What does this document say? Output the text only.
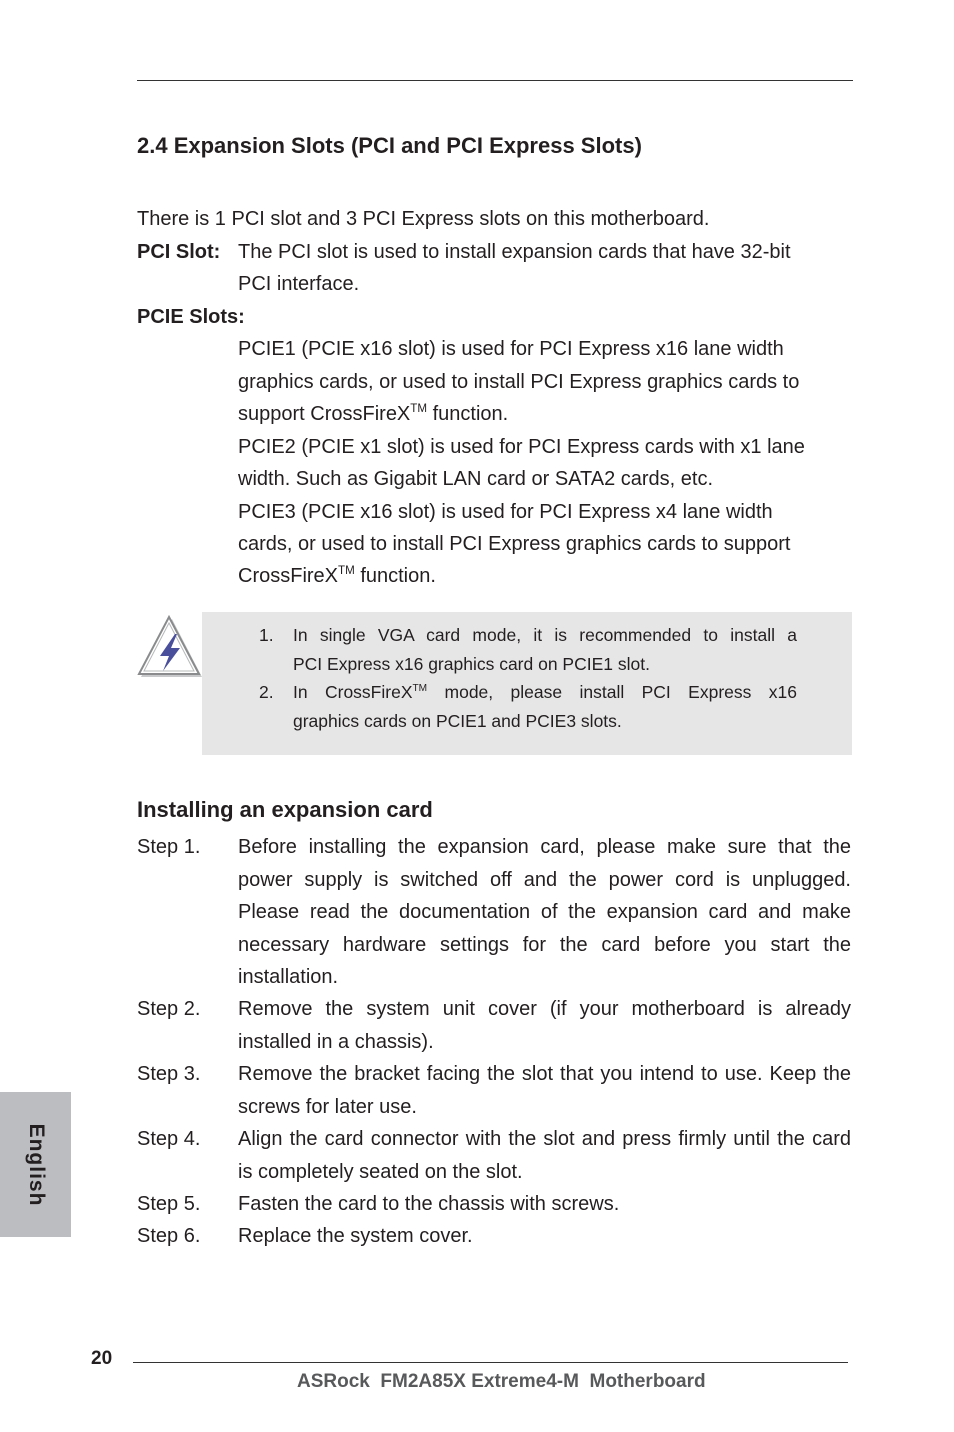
2.4 Expansion Slots (PCI and PCI Express Slots)
There is 1 PCI slot and 3 PCI Express slots on this motherboard.
PCI Slot: The PCI slot is used to install expansion cards that have 32-bit
PCI interface.
PCIE Slots:
PCIE1 (PCIE x16 slot) is used for PCI Express x16 lane width
graphics cards, or used to install PCI Express graphics cards to
support CrossFireX™ function.
PCIE2 (PCIE x1 slot) is used for PCI Express cards with x1 lane
width. Such as Gigabit LAN card or SATA2 cards, etc.
PCIE3 (PCIE x16 slot) is used for PCI Express x4 lane width
cards, or used to install PCI Express graphics cards to support
CrossFireX™ function.
1. In single VGA card mode, it is recommended to install a
PCI Express x16 graphics card on PCIE1 slot.
2. In CrossFireX™ mode, please install PCI Express x16
graphics cards on PCIE1 and PCIE3 slots.
Installing an expansion card
Step 1. Before installing the expansion card, please make sure that the power supply is switched off and the power cord is unplugged. Please read the documentation of the expansion card and make necessary hardware settings for the card before you start the installation.
Step 2. Remove the system unit cover (if your motherboard is already installed in a chassis).
Step 3. Remove the bracket facing the slot that you intend to use. Keep the screws for later use.
Step 4. Align the card connector with the slot and press firmly until the card is completely seated on the slot.
Step 5. Fasten the card to the chassis with screws.
Step 6. Replace the system cover.
English
20
ASRock  FM2A85X Extreme4-M  Motherboard
